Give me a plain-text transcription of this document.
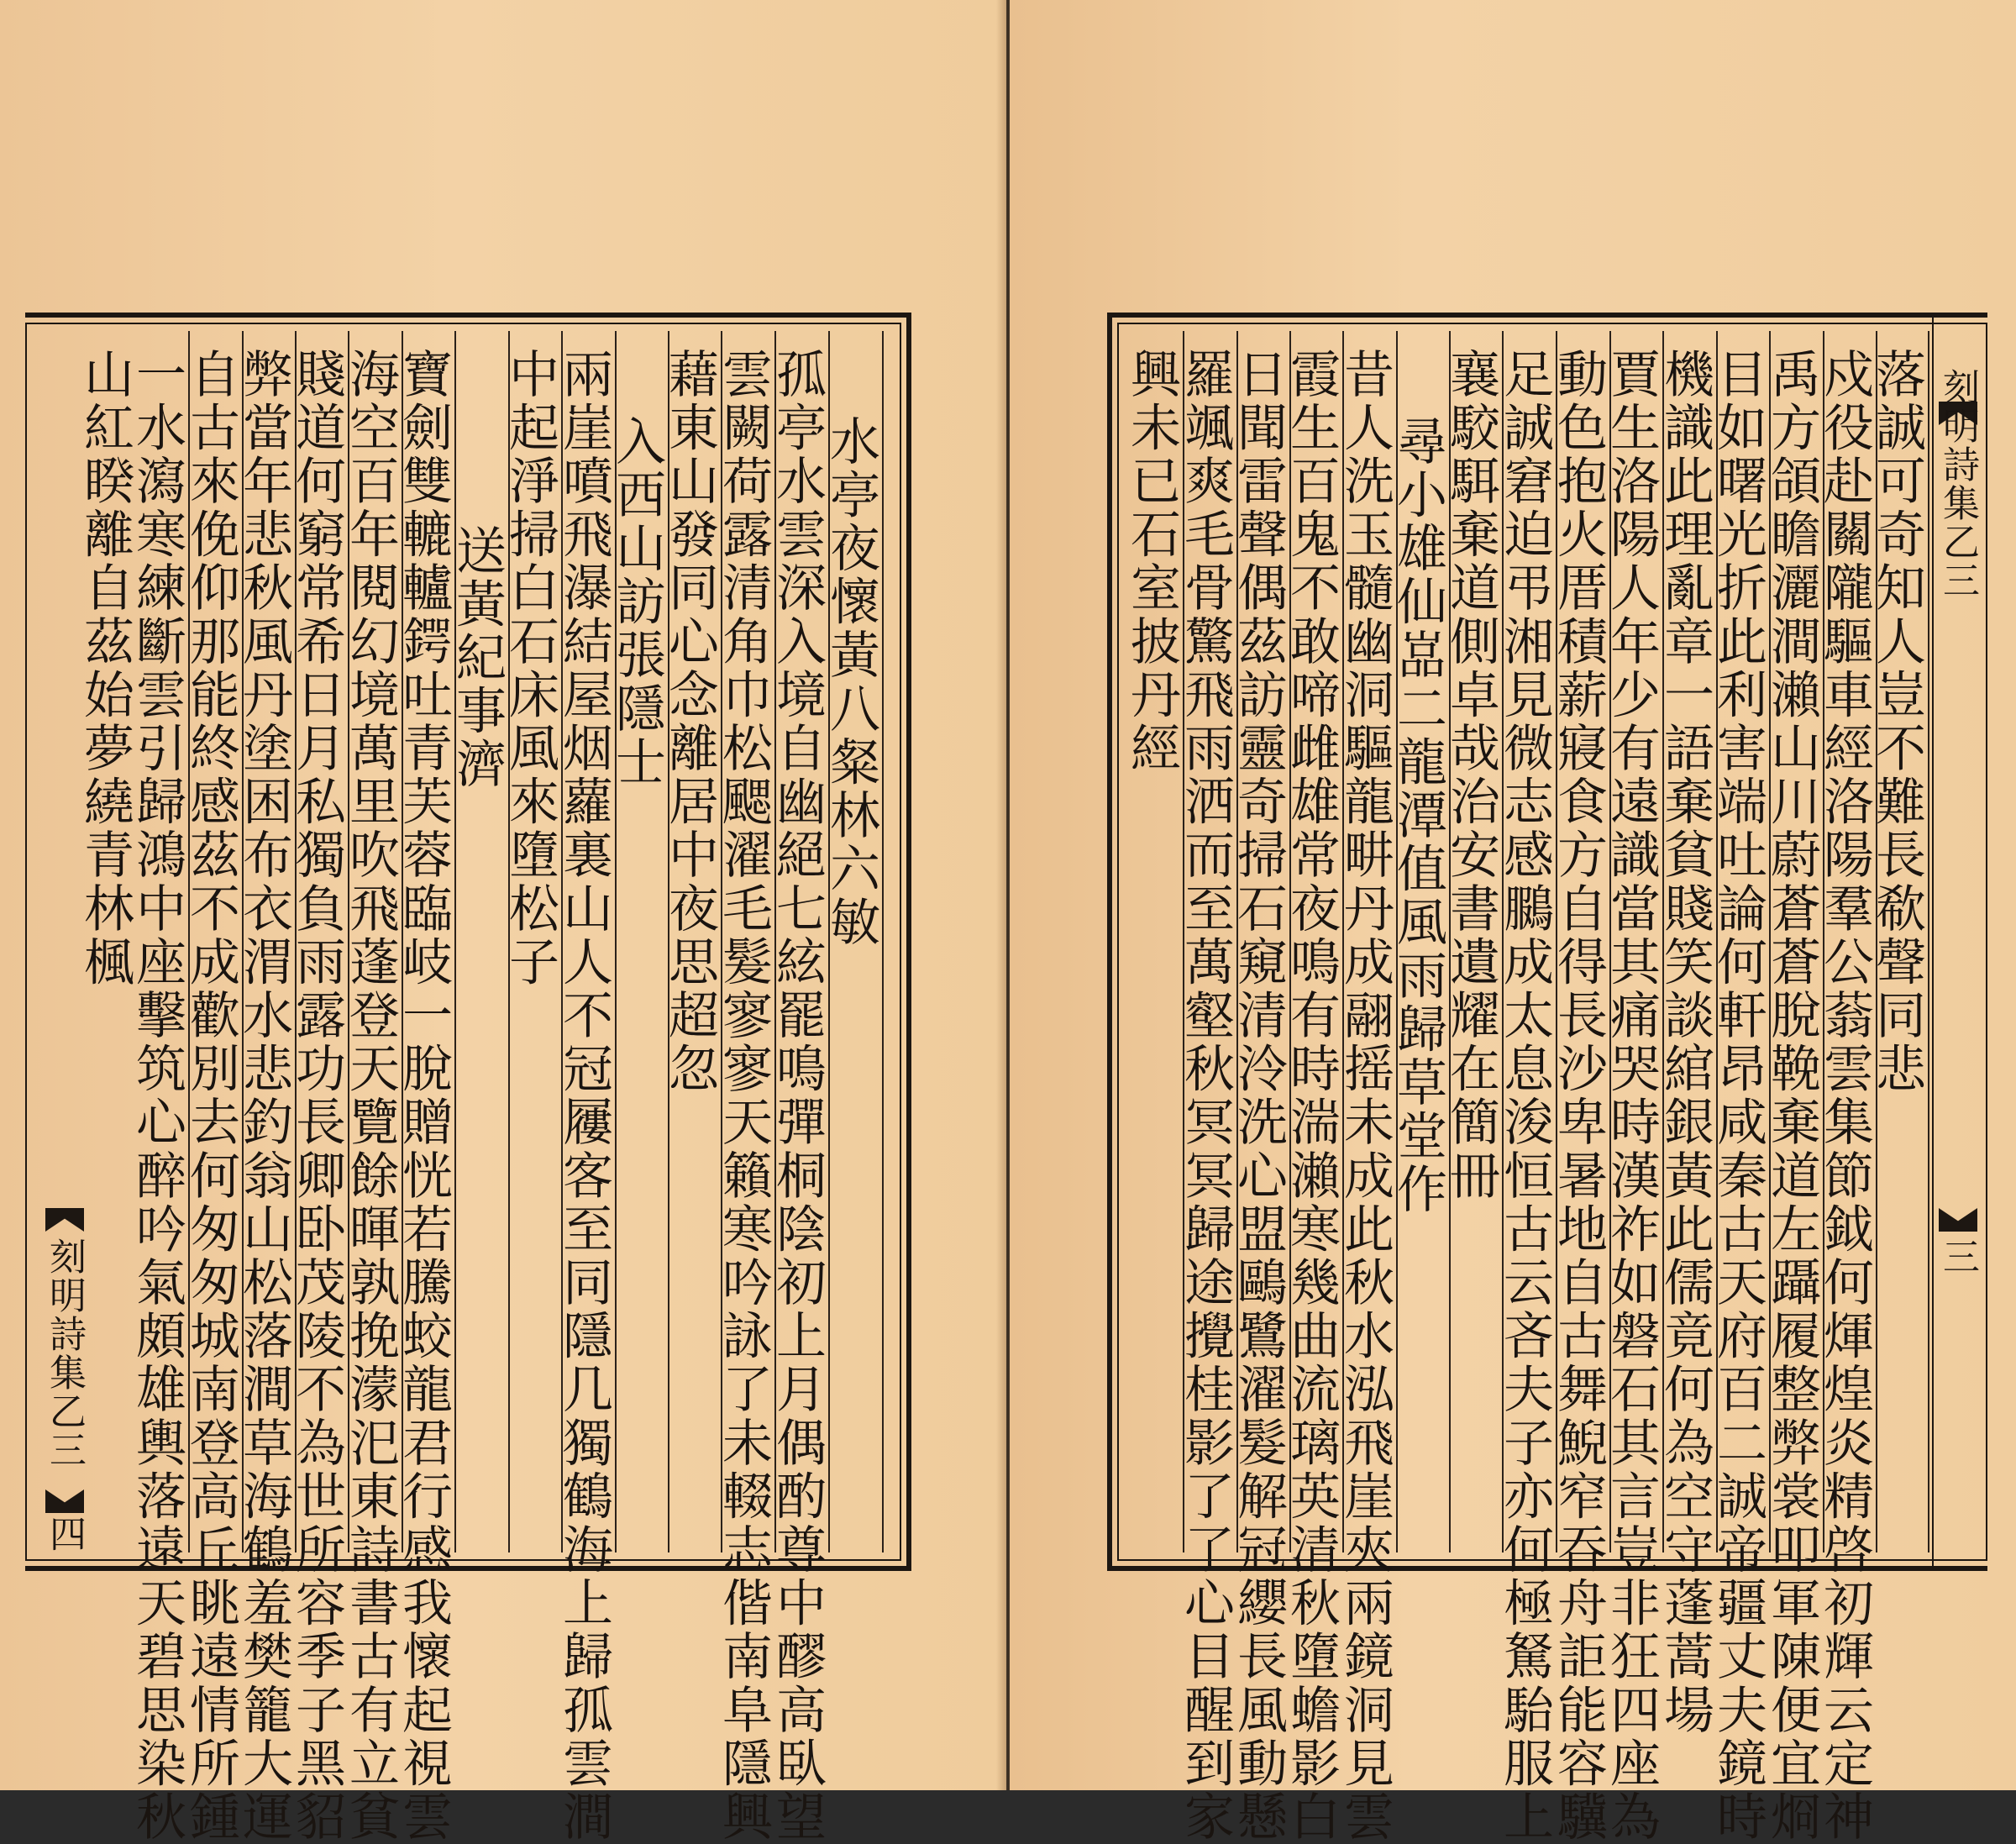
刻明詩集乙三
四
山紅睽離自茲始夢繞青林楓
一水瀉寒練斷雲引歸鴻中座擊筑心醉吟氣頗雄輿落遠天碧思染秋
自古來俛仰那能終感茲不成歡別去何匆匆城南登高丘眺遠情所鍾
弊當年悲秋風丹塗困布衣渭水悲釣翁山松落澗草海鶴羞樊籠大運
賤道何窮常希日月私獨負雨露功長卿卧茂陵不為世所容季子黑貂
海空百年閱幻境萬里吹飛蓬登天覽餘暉孰挽濛汜東詩書古有立貧
寶劍雙轆轤鍔吐青芙蓉臨岐一脫贈恍若騰蛟龍君行感我懷起視雲
送黃紀事濟
中起淨掃白石床風來墮松子
兩崖噴飛瀑結屋烟蘿裏山人不冠屨客至同隱几獨鶴海上歸孤雲澗
入西山訪張隱士
藉東山發同心念離居中夜思超忽
雲闕荷露清角巾松颸濯毛髮寥寥天籟寒吟詠了未輟志偕南阜隱興
孤亭水雲深入境自幽絕七絃罷鳴彈桐陰初上月偶酌尊中醪高臥望
水亭夜懷黃八粲林六敏	興未已石室披丹經
羅颯爽毛骨驚飛雨洒而至萬壑秋冥冥歸途攪桂影了了心目醒到家
日聞雷聲偶茲訪靈奇掃石窺清泠洗心盟鷗鷺濯髮解冠纓長風動懸
霞生百鬼不敢啼雌雄常夜鳴有時湍瀨寒幾曲流璃英清秋墮蟾影白
昔人洗玉髓幽洞驅龍畊丹成翮摇未成此秋水泓飛崖夾兩鏡洞見雲
尋小雄仙嵓二龍潭值風雨歸草堂作
襄駮駬棄道側卓哉治安書遺耀在簡冊
足誠窘迫弔湘見微志感鵩成太息浚恒古云吝夫子亦何極駑駘服上
動色抱火厝積薪寢食方自得長沙卑暑地自古舞鯢窄吞舟詎能容驥
賈生洛陽人年少有遠識當其痛哭時漢祚如磐石其言豈非狂四座為
機識此理亂章一語棄貧賤笑談綰銀黃此儒竟何為空守蓬蒿場
目如曙光折此利害端吐論何軒昂咸秦古天府百二誠帝疆丈夫鏡時
禹方頜瞻灑澗瀨山川蔚蒼蒼脫鞔棄道左躡履整弊裳叩軍陳便宜烱
戍役赴關隴驅車經洛陽羣公蓊雲集節鉞何煇煌炎精啓初輝云定神
落誠可奇知人豈不難長欷聲同悲 刻明詩集乙三
三
